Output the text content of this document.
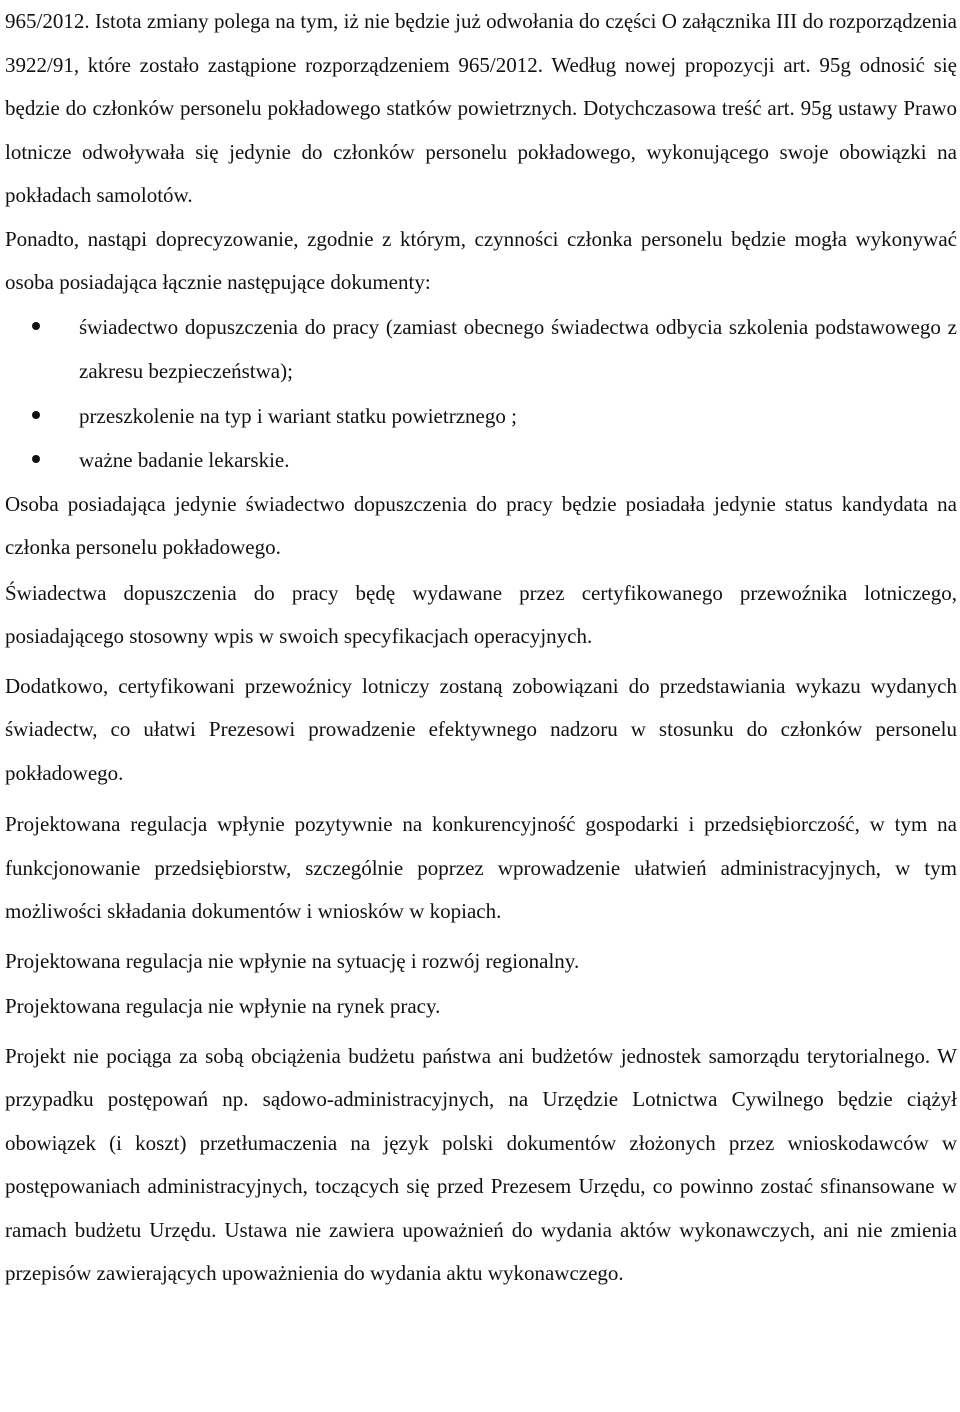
965/2012. Istota zmiany polega na tym, iż nie będzie już odwołania do części O załącznika III do rozporządzenia 3922/91, które zostało zastąpione rozporządzeniem 965/2012. Według nowej propozycji art. 95g odnosić się będzie do członków personelu pokładowego statków powietrznych. Dotychczasowa treść art. 95g ustawy Prawo lotnicze odwoływała się jedynie do członków personelu pokładowego, wykonującego swoje obowiązki na pokładach samolotów.

Ponadto, nastąpi doprecyzowanie, zgodnie z którym, czynności członka personelu będzie mogła wykonywać osoba posiadająca łącznie następujące dokumenty:

świadectwo dopuszczenia do pracy (zamiast obecnego świadectwa odbycia szkolenia podstawowego z zakresu bezpieczeństwa);
przeszkolenie na typ i wariant statku powietrznego ;
ważne badanie lekarskie.

Osoba posiadająca jedynie świadectwo dopuszczenia do pracy będzie posiadała jedynie status kandydata na członka personelu pokładowego.

Świadectwa dopuszczenia do pracy będę wydawane przez certyfikowanego przewoźnika lotniczego, posiadającego stosowny wpis w swoich specyfikacjach operacyjnych.

Dodatkowo, certyfikowani przewoźnicy lotniczy zostaną zobowiązani do przedstawiania wykazu wydanych świadectw, co ułatwi Prezesowi prowadzenie efektywnego nadzoru w stosunku do członków personelu pokładowego.

Projektowana regulacja wpłynie pozytywnie na konkurencyjność gospodarki i przedsiębiorczość, w tym na funkcjonowanie przedsiębiorstw, szczególnie poprzez wprowadzenie ułatwień administracyjnych, w tym możliwości składania dokumentów i wniosków w kopiach.

Projektowana regulacja nie wpłynie na sytuację i rozwój regionalny.

Projektowana regulacja nie wpłynie na rynek pracy.

Projekt nie pociąga za sobą obciążenia budżetu państwa ani budżetów jednostek samorządu terytorialnego. W przypadku postępowań np. sądowo-administracyjnych, na Urzędzie Lotnictwa Cywilnego będzie ciążył obowiązek (i koszt) przetłumaczenia na język polski dokumentów złożonych przez wnioskodawców w postępowaniach administracyjnych, toczących się przed Prezesem Urzędu, co powinno zostać sfinansowane w ramach budżetu Urzędu. Ustawa nie zawiera upoważnień do wydania aktów wykonawczych, ani nie zmienia przepisów zawierających upoważnienia do wydania aktu wykonawczego.
